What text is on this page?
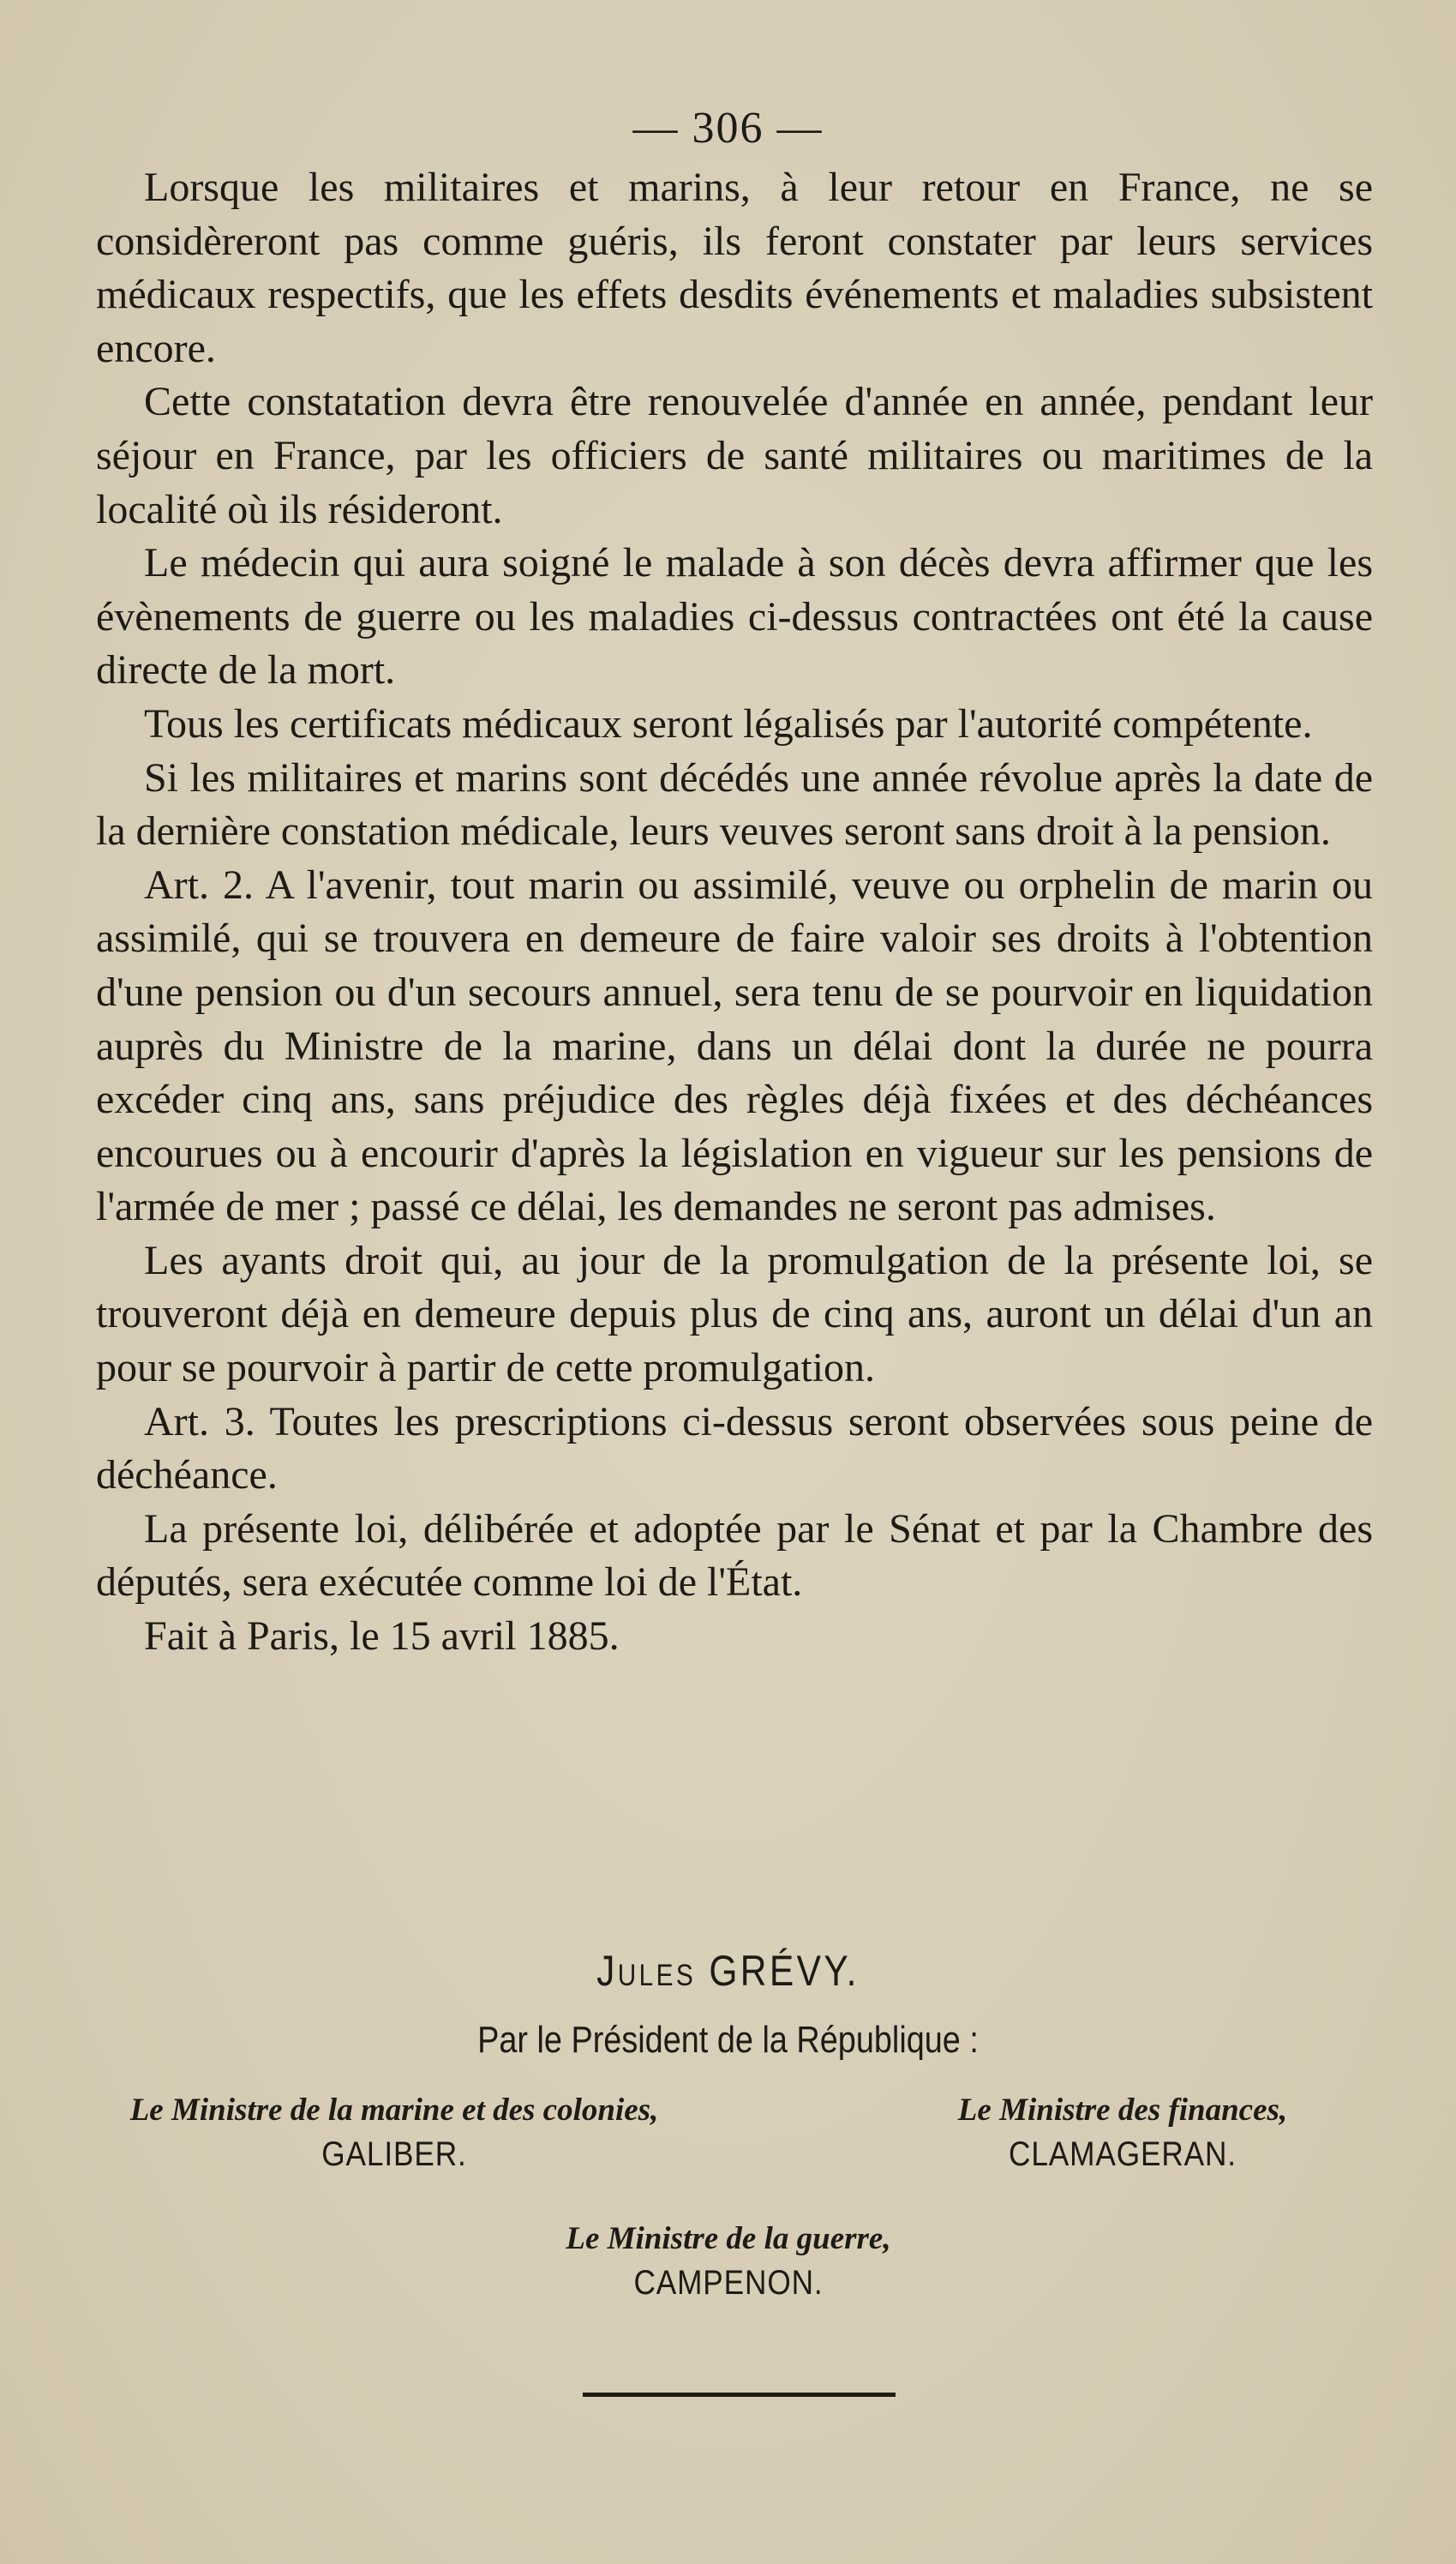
— 306 —

Lorsque les militaires et marins, à leur retour en France, ne se considèreront pas comme guéris, ils feront constater par leurs services médicaux respectifs, que les effets desdits événements et maladies subsistent encore.

Cette constatation devra être renouvelée d'année en année, pendant leur séjour en France, par les officiers de santé militaires ou maritimes de la localité où ils résideront.

Le médecin qui aura soigné le malade à son décès devra affirmer que les évènements de guerre ou les maladies ci-dessus contractées ont été la cause directe de la mort.

Tous les certificats médicaux seront légalisés par l'autorité compétente.

Si les militaires et marins sont décédés une année révolue après la date de la dernière constation médicale, leurs veuves seront sans droit à la pension.

Art. 2. A l'avenir, tout marin ou assimilé, veuve ou orphelin de marin ou assimilé, qui se trouvera en demeure de faire valoir ses droits à l'obtention d'une pension ou d'un secours annuel, sera tenu de se pourvoir en liquidation auprès du Ministre de la marine, dans un délai dont la durée ne pourra excéder cinq ans, sans préjudice des règles déjà fixées et des déchéances encourues ou à encourir d'après la législation en vigueur sur les pensions de l'armée de mer ; passé ce délai, les demandes ne seront pas admises.

Les ayants droit qui, au jour de la promulgation de la présente loi, se trouveront déjà en demeure depuis plus de cinq ans, auront un délai d'un an pour se pourvoir à partir de cette promulgation.

Art. 3. Toutes les prescriptions ci-dessus seront observées sous peine de déchéance.

La présente loi, délibérée et adoptée par le Sénat et par la Chambre des députés, sera exécutée comme loi de l'État.

Fait à Paris, le 15 avril 1885.

Jules GRÉVY.
Par le Président de la République :
Le Ministre de la marine et des colonies,
GALIBER.
Le Ministre des finances,
CLAMAGERAN.
Le Ministre de la guerre,
CAMPENON.
